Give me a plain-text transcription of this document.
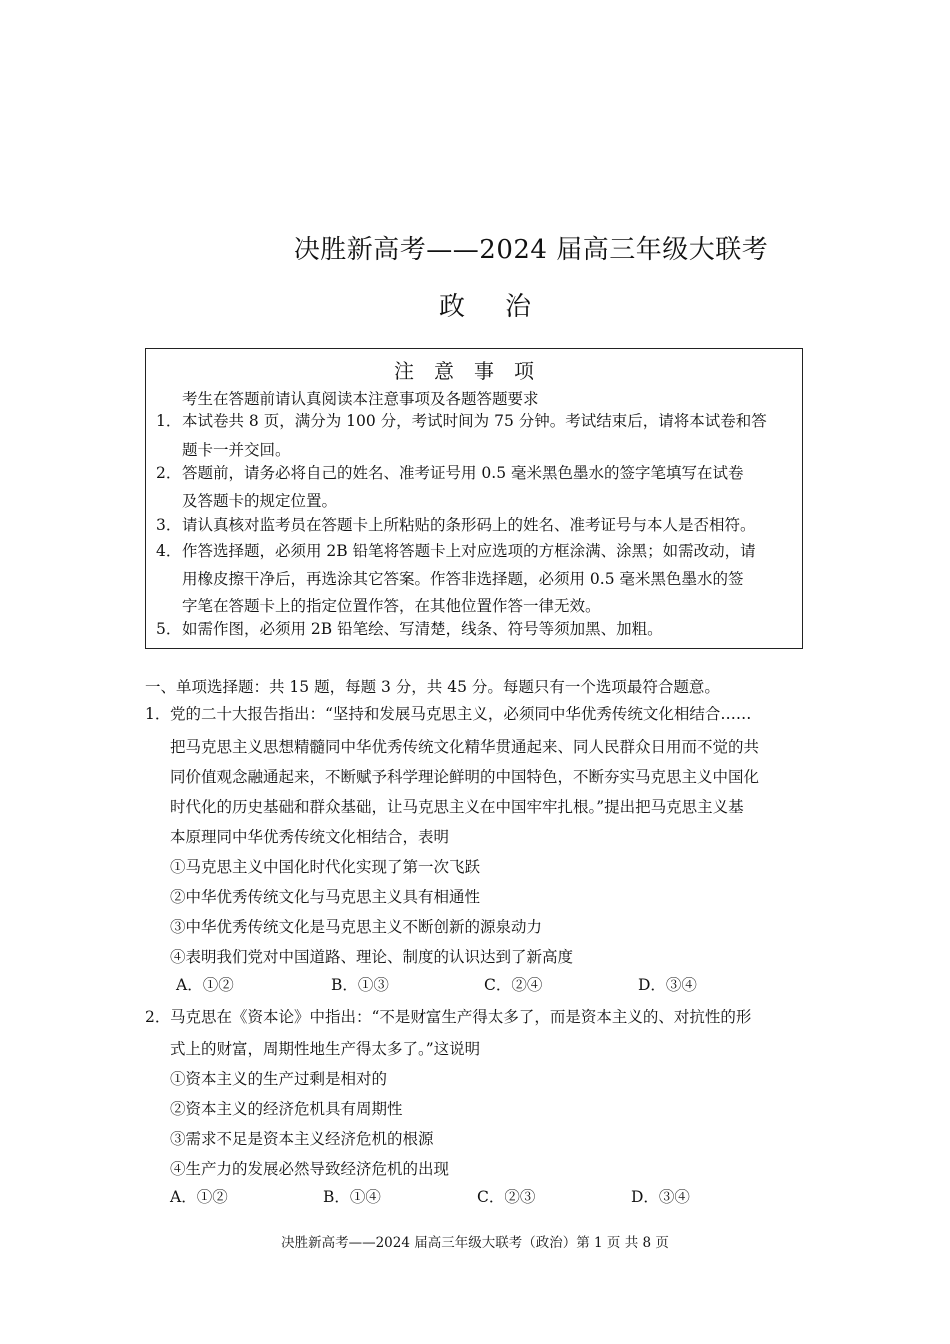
决胜新高考——2024 届高三年级大联考
政治
注意事项
考生在答题前请认真阅读本注意事项及各题答题要求
1． 本试卷共 8 页，满分为 100 分，考试时间为 75 分钟。考试结束后，请将本试卷和答
题卡一并交回。
2． 答题前，请务必将自己的姓名、准考证号用 0.5 毫米黑色墨水的签字笔填写在试卷
及答题卡的规定位置。
3． 请认真核对监考员在答题卡上所粘贴的条形码上的姓名、准考证号与本人是否相符。
4． 作答选择题，必须用 2B 铅笔将答题卡上对应选项的方框涂满、涂黑；如需改动，请
用橡皮擦干净后，再选涂其它答案。作答非选择题，必须用 0.5 毫米黑色墨水的签
字笔在答题卡上的指定位置作答，在其他位置作答一律无效。
5． 如需作图，必须用 2B 铅笔绘、写清楚，线条、符号等须加黑、加粗。
一、单项选择题：共 15 题，每题 3 分，共 45 分。每题只有一个选项最符合题意。
1． 党的二十大报告指出：“坚持和发展马克思主义，必须同中华优秀传统文化相结合……
把马克思主义思想精髓同中华优秀传统文化精华贯通起来、同人民群众日用而不觉的共
同价值观念融通起来，不断赋予科学理论鲜明的中国特色，不断夯实马克思主义中国化
时代化的历史基础和群众基础，让马克思主义在中国牢牢扎根。”提出把马克思主义基
本原理同中华优秀传统文化相结合，表明
①马克思主义中国化时代化实现了第一次飞跃
②中华优秀传统文化与马克思主义具有相通性
③中华优秀传统文化是马克思主义不断创新的源泉动力
④表明我们党对中国道路、理论、制度的认识达到了新高度
A．①②	B．①③	C．②④	D．③④
2． 马克思在《资本论》中指出：“不是财富生产得太多了，而是资本主义的、对抗性的形
式上的财富，周期性地生产得太多了。”这说明
①资本主义的生产过剩是相对的
②资本主义的经济危机具有周期性
③需求不足是资本主义经济危机的根源
④生产力的发展必然导致经济危机的出现
A．①②	B．①④	C．②③	D．③④
决胜新高考——2024 届高三年级大联考（政治）第 1 页 共 8 页
